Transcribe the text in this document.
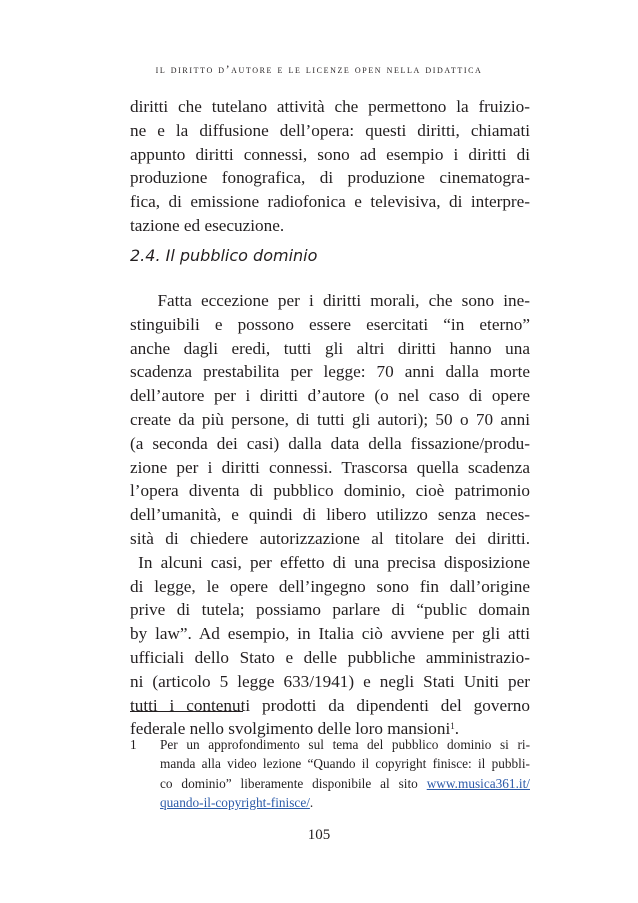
il diritto d’autore e le licenze open nella didattica
diritti che tutelano attività che permettono la fruizio-
ne e la diffusione dell’opera: questi diritti, chiamati
appunto diritti connessi, sono ad esempio i diritti di
produzione fonografica, di produzione cinematogra-
fica, di emissione radiofonica e televisiva, di interpre-
tazione ed esecuzione.
2.4. Il pubblico dominio
Fatta eccezione per i diritti morali, che sono ine-
stinguibili e possono essere esercitati “in eterno”
anche dagli eredi, tutti gli altri diritti hanno una
scadenza prestabilita per legge: 70 anni dalla morte
dell’autore per i diritti d’autore (o nel caso di opere
create da più persone, di tutti gli autori); 50 o 70 anni
(a seconda dei casi) dalla data della fissazione/produ-
zione per i diritti connessi. Trascorsa quella scadenza
l’opera diventa di pubblico dominio, cioè patrimonio
dell’umanità, e quindi di libero utilizzo senza neces-
sità di chiedere autorizzazione al titolare dei diritti.
In alcuni casi, per effetto di una precisa disposizione
di legge, le opere dell’ingegno sono fin dall’origine
prive di tutela; possiamo parlare di “public domain
by law”. Ad esempio, in Italia ciò avviene per gli atti
ufficiali dello Stato e delle pubbliche amministrazio-
ni (articolo 5 legge 633/1941) e negli Stati Uniti per
tutti i contenuti prodotti da dipendenti del governo
federale nello svolgimento delle loro mansioni$^1$.
1 Per un approfondimento sul tema del pubblico dominio si ri-
manda alla video lezione “Quando il copyright finisce: il pubbli-
co dominio” liberamente disponibile al sito www.musica361.it/
quando-il-copyright-finisce/.
105
